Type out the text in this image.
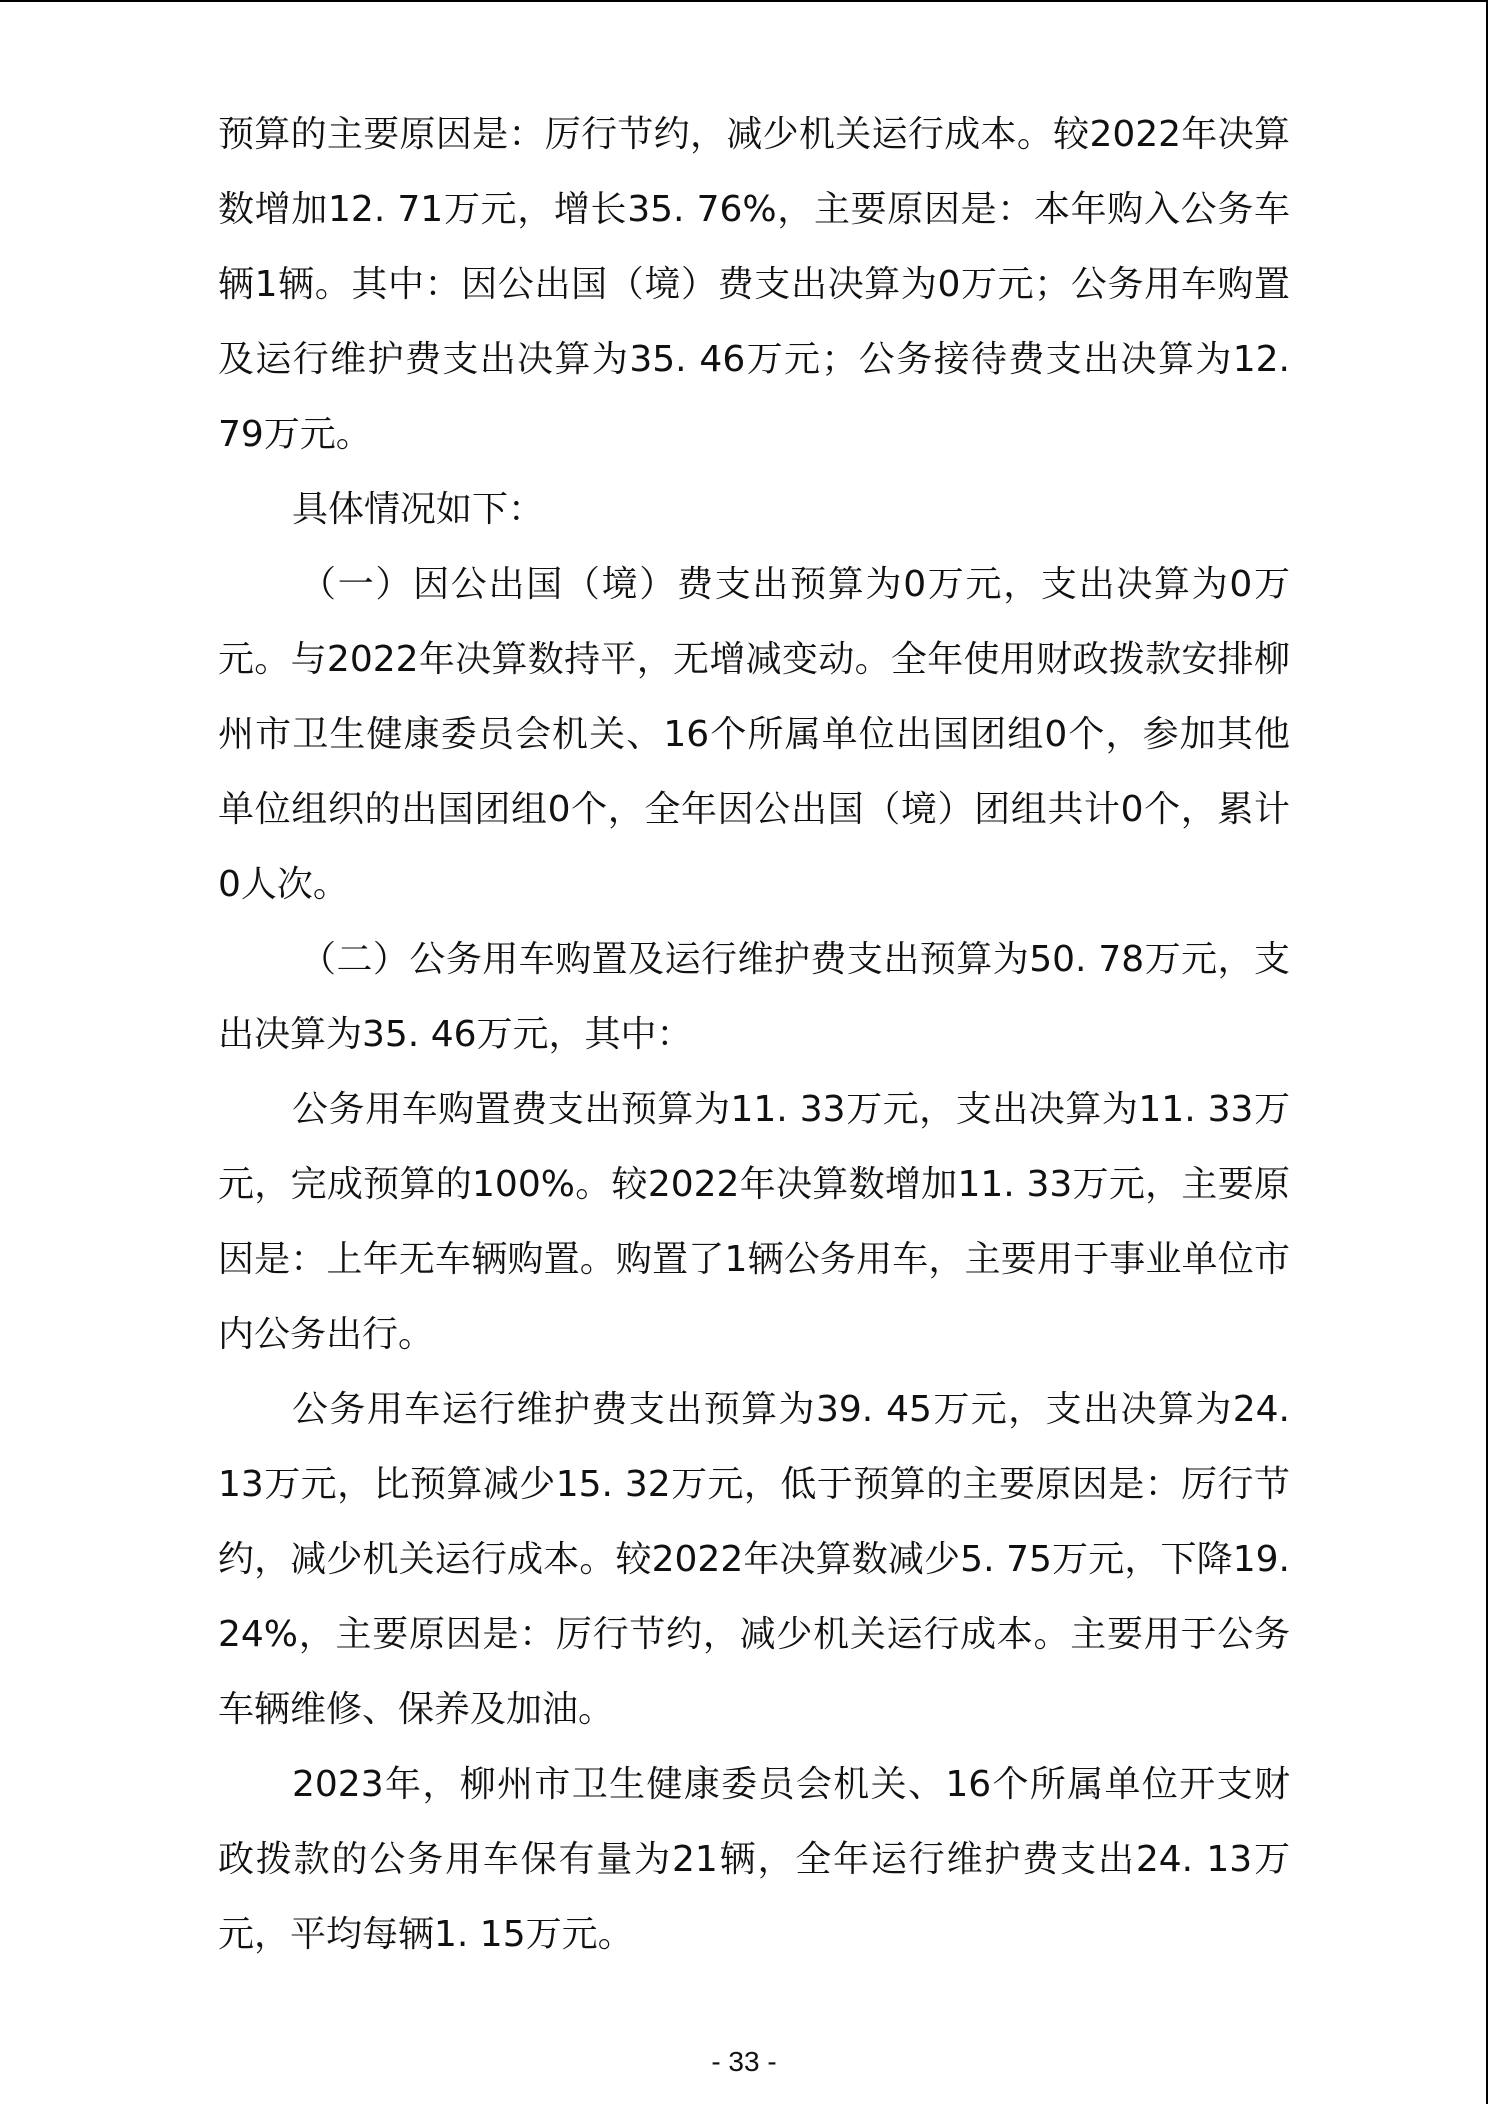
预算的主要原因是：厉行节约，减少机关运行成本。较2022年决算数增加12. 71万元，增长35. 76%，主要原因是：本年购入公务车辆1辆。其中：因公出国（境）费支出决算为0万元；公务用车购置及运行维护费支出决算为35. 46万元；公务接待费支出决算为12. 79万元。

具体情况如下：

（一）因公出国（境）费支出预算为0万元，支出决算为0万元。与2022年决算数持平，无增减变动。全年使用财政拨款安排柳州市卫生健康委员会机关、16个所属单位出国团组0个，参加其他单位组织的出国团组0个，全年因公出国（境）团组共计0个，累计0人次。

（二）公务用车购置及运行维护费支出预算为50. 78万元，支出决算为35. 46万元，其中：

公务用车购置费支出预算为11. 33万元，支出决算为11. 33万元，完成预算的100%。较2022年决算数增加11. 33万元，主要原因是：上年无车辆购置。购置了1辆公务用车，主要用于事业单位市内公务出行。

公务用车运行维护费支出预算为39. 45万元，支出决算为24. 13万元，比预算减少15. 32万元，低于预算的主要原因是：厉行节约，减少机关运行成本。较2022年决算数减少5. 75万元，下降19. 24%，主要原因是：厉行节约，减少机关运行成本。主要用于公务车辆维修、保养及加油。

2023年，柳州市卫生健康委员会机关、16个所属单位开支财政拨款的公务用车保有量为21辆，全年运行维护费支出24. 13万元，平均每辆1. 15万元。

- 33 -
